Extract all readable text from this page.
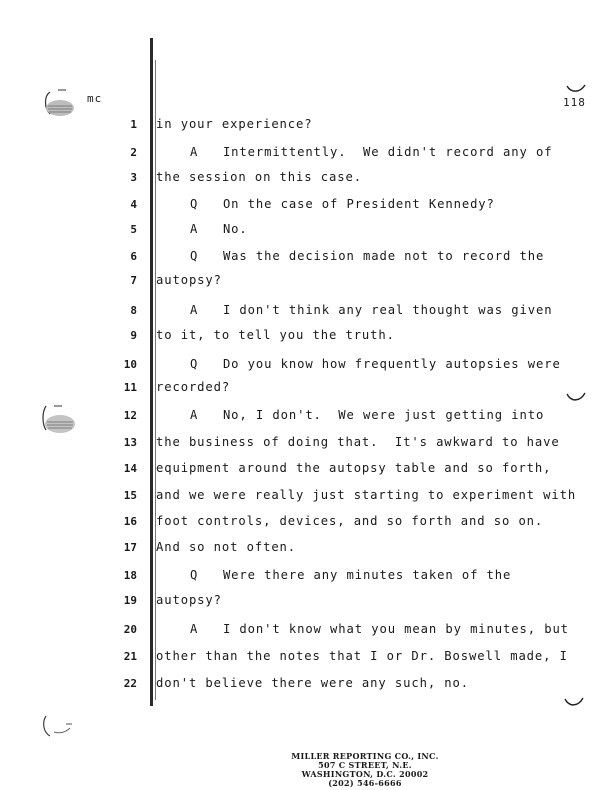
mc	118
1 in your experience?
2	A   Intermittently.  We didn't record any of
3 the session on this case.
4	Q   On the case of President Kennedy?
5	A   No.
6	Q   Was the decision made not to record the
7 autopsy?
8	A   I don't think any real thought was given
9 to it, to tell you the truth.
10	Q   Do you know how frequently autopsies were
11 recorded?
12	A   No, I don't.  We were just getting into
13 the business of doing that.  It's awkward to have
14 equipment around the autopsy table and so forth,
15 and we were really just starting to experiment with
16 foot controls, devices, and so forth and so on.
17 And so not often.
18	Q   Were there any minutes taken of the
19 autopsy?
20	A   I don't know what you mean by minutes, but
21 other than the notes that I or Dr. Boswell made, I
22 don't believe there were any such, no.
MILLER REPORTING CO., INC.
507 C STREET, N.E.
WASHINGTON, D.C. 20002
(202) 546-6666
